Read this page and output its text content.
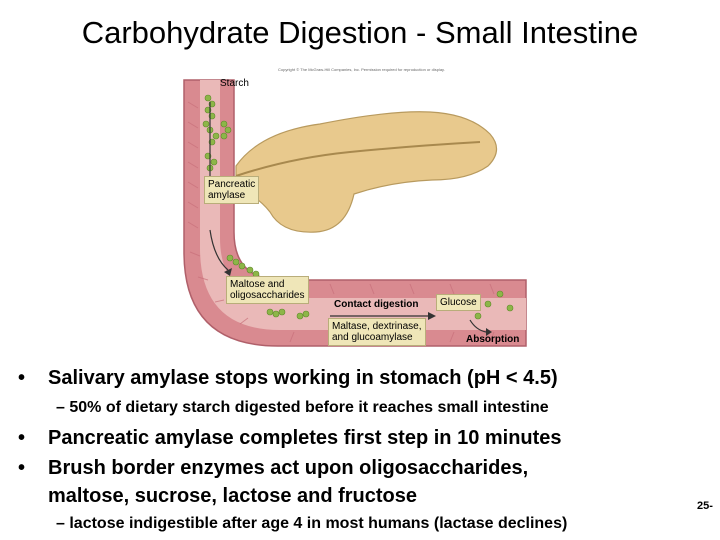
Carbohydrate Digestion - Small Intestine
Copyright © The McGraw-Hill Companies, Inc. Permission required for reproduction or display.
Starch
Pancreatic
amylase
Maltose and
oligosaccharides
Contact digestion	Glucose
Maltase, dextrinase,
and glucoamylase	Absorption
• Salivary amylase stops working in stomach (pH < 4.5)
– 50% of dietary starch digested before it reaches small intestine
• Pancreatic amylase completes first step in 10 minutes
• Brush border enzymes act upon oligosaccharides,
maltose, sucrose, lactose and fructose
– lactose indigestible after age 4 in most humans (lactase declines)
25-
